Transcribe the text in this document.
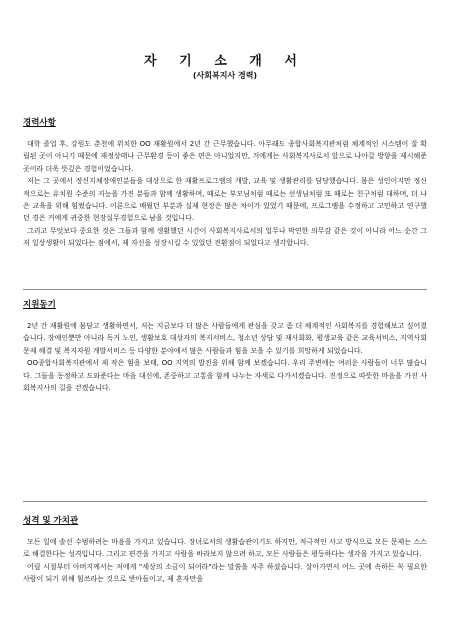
자 기 소 개 서
(사회복지사 경력)
경력사항

대학 졸업 후, 강원도 춘천에 위치한 OO 재활원에서 2년 간 근무했습니다. 아무래도 종합사회복지관처럼 체계적인 시스템이 잘 확립된 곳이 아니기 때문에 재정상태나 근무환경 등이 좋은 편은 아니었지만, 거에게는 사회복지사로서 앞으로 나아갈 방향을 제시해준 곳이라 더욱 뜻깊은 경험이었습니다.

저는 그 곳에서 정신지체장애인분들을 대상으로 한 재활프로그램의 개발, 교육 및 생활관리를 담당했습니다. 몸은 성인이지만 정신적으로는 유치원 수준의 지능을 가진 분들과 함께 생활하며, 때로는 부모님처럼 때로는 선생님처럼 또 때로는 친구처럼 대하며, 더 나은 교육을 위해 힘썼습니다. 이론으로 배웠던 부분과 실제 현장은 많은 차이가 있었기 때문에, 프로그램을 수정하고 고민하고 연구했던 경은 거에게 귀중한 현장실무경험으로 남을 것입니다.

그리고 무엇보다 중요한 것은 그들과 함께 생활했던 시간이 사회복지사로서의 업무나 막연한 의무감 같은 것이 아니라 어느 순간 그저 일상생활이 되었다는 점에서, 제 자신을 성장시킬 수 있었던 전환점이 되었다고 생각합니다.

지원동기

2년 간 재활원에 몸담고 생활하면서, 저는 지금보다 더 많은 사람들에게 관심을 갖고 좀 더 체계적인 사회복지를 경험해보고 싶어졌습니다. 장애인뿐만 아니라 독거 노인, 생활보호 대상자의 복지서비스, 청소년 상담 및 재사회화, 평생교육 같은 교육서비스, 지역사회문제 해결 및 복지자원 개발서비스 등 다양한 분야에서 많은 사람들과 힘을 모을 수 있기를 희망하게 되었습니다.

OO종합사회복지관에서 제 작은 힘을 보태, OO 지역의 발전을 위해 함께 보겠습니다. 우리 주변에는 여러운 사람들이 너무 많습니다. 그들을 동정하고 도와준다는 마음 대신에, 존중하고 고통을 함께 나누는 자세로 다가서겠습니다. 진정으로 따뜻한 마음을 가진 사회복지사의 길을 걷겠습니다.

성격 및 가치관

모든 일에 솔선 수범하려는 마음을 가지고 있습니다. 장녀로서의 생활습관이기도 하지만, 적극적인 사고 방식으로 모든 문제는 스스로 해결한다는 성격입니다. 그리고 편견을 가지고 사람을 바라보지 않으려 하고, 모든 사람들은 평등하다는 생각을 가지고 있습니다.

어릴 시절부터 아버지께서는 저에게 "세상의 소금이 되어라"라는 말씀을 자주 하셨습니다. 살아가면서 어느 곳에 속하든 꼭 필요한 사람이 되기 위해 힘쓰라는 것으로 받아들이고, 제 혼자만을
